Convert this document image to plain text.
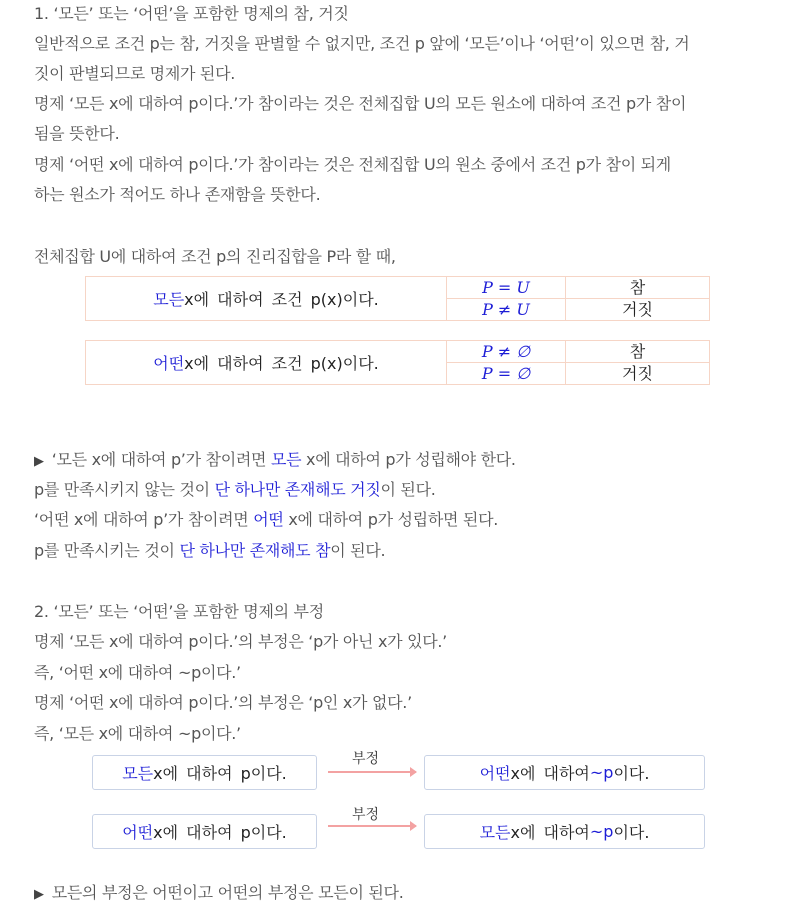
1. ‘모든’ 또는 ‘어떤’을 포함한 명제의 참, 거짓
일반적으로 조건 p는 참, 거짓을 판별할 수 없지만, 조건 p 앞에 ‘모든’이나 ‘어떤’이 있으면 참, 거
짓이 판별되므로 명제가 된다.
명제 ‘모든 x에 대하여 p이다.’가 참이라는 것은 전체집합 U의 모든 원소에 대하여 조건 p가 참이
됨을 뜻한다.
명제 ‘어떤 x에 대하여 p이다.’가 참이라는 것은 전체집합 U의 원소 중에서 조건 p가 참이 되게
하는 원소가 적어도 하나 존재함을 뜻한다.
전체집합 U에 대하여 조건 p의 진리집합을 P라 할 때,
모든 x에 대하여 조건 p(x)이다.
P = U
P ≠ U
참
거짓
어떤 x에 대하여 조건 p(x)이다.
P ≠ ∅
P = ∅
참
거짓
▶ ‘모든 x에 대하여 p’가 참이려면 모든 x에 대하여 p가 성립해야 한다.
p를 만족시키지 않는 것이 단 하나만 존재해도 거짓이 된다.
‘어떤 x에 대하여 p’가 참이려면 어떤 x에 대하여 p가 성립하면 된다.
p를 만족시키는 것이 단 하나만 존재해도 참이 된다.
2. ‘모든’ 또는 ‘어떤’을 포함한 명제의 부정
명제 ‘모든 x에 대하여 p이다.’의 부정은 ‘p가 아닌 x가 있다.’
즉, ‘어떤 x에 대하여 ~p이다.’
명제 ‘어떤 x에 대하여 p이다.’의 부정은 ‘p인 x가 없다.’
즉, ‘모든 x에 대하여 ~p이다.’
모든 x에 대하여 p이다.
부정
어떤 x에 대하여 ~p 이다.
어떤 x에 대하여 p이다.
부정
모든 x에 대하여 ~p 이다.
▶ 모든의 부정은 어떤이고 어떤의 부정은 모든이 된다.
